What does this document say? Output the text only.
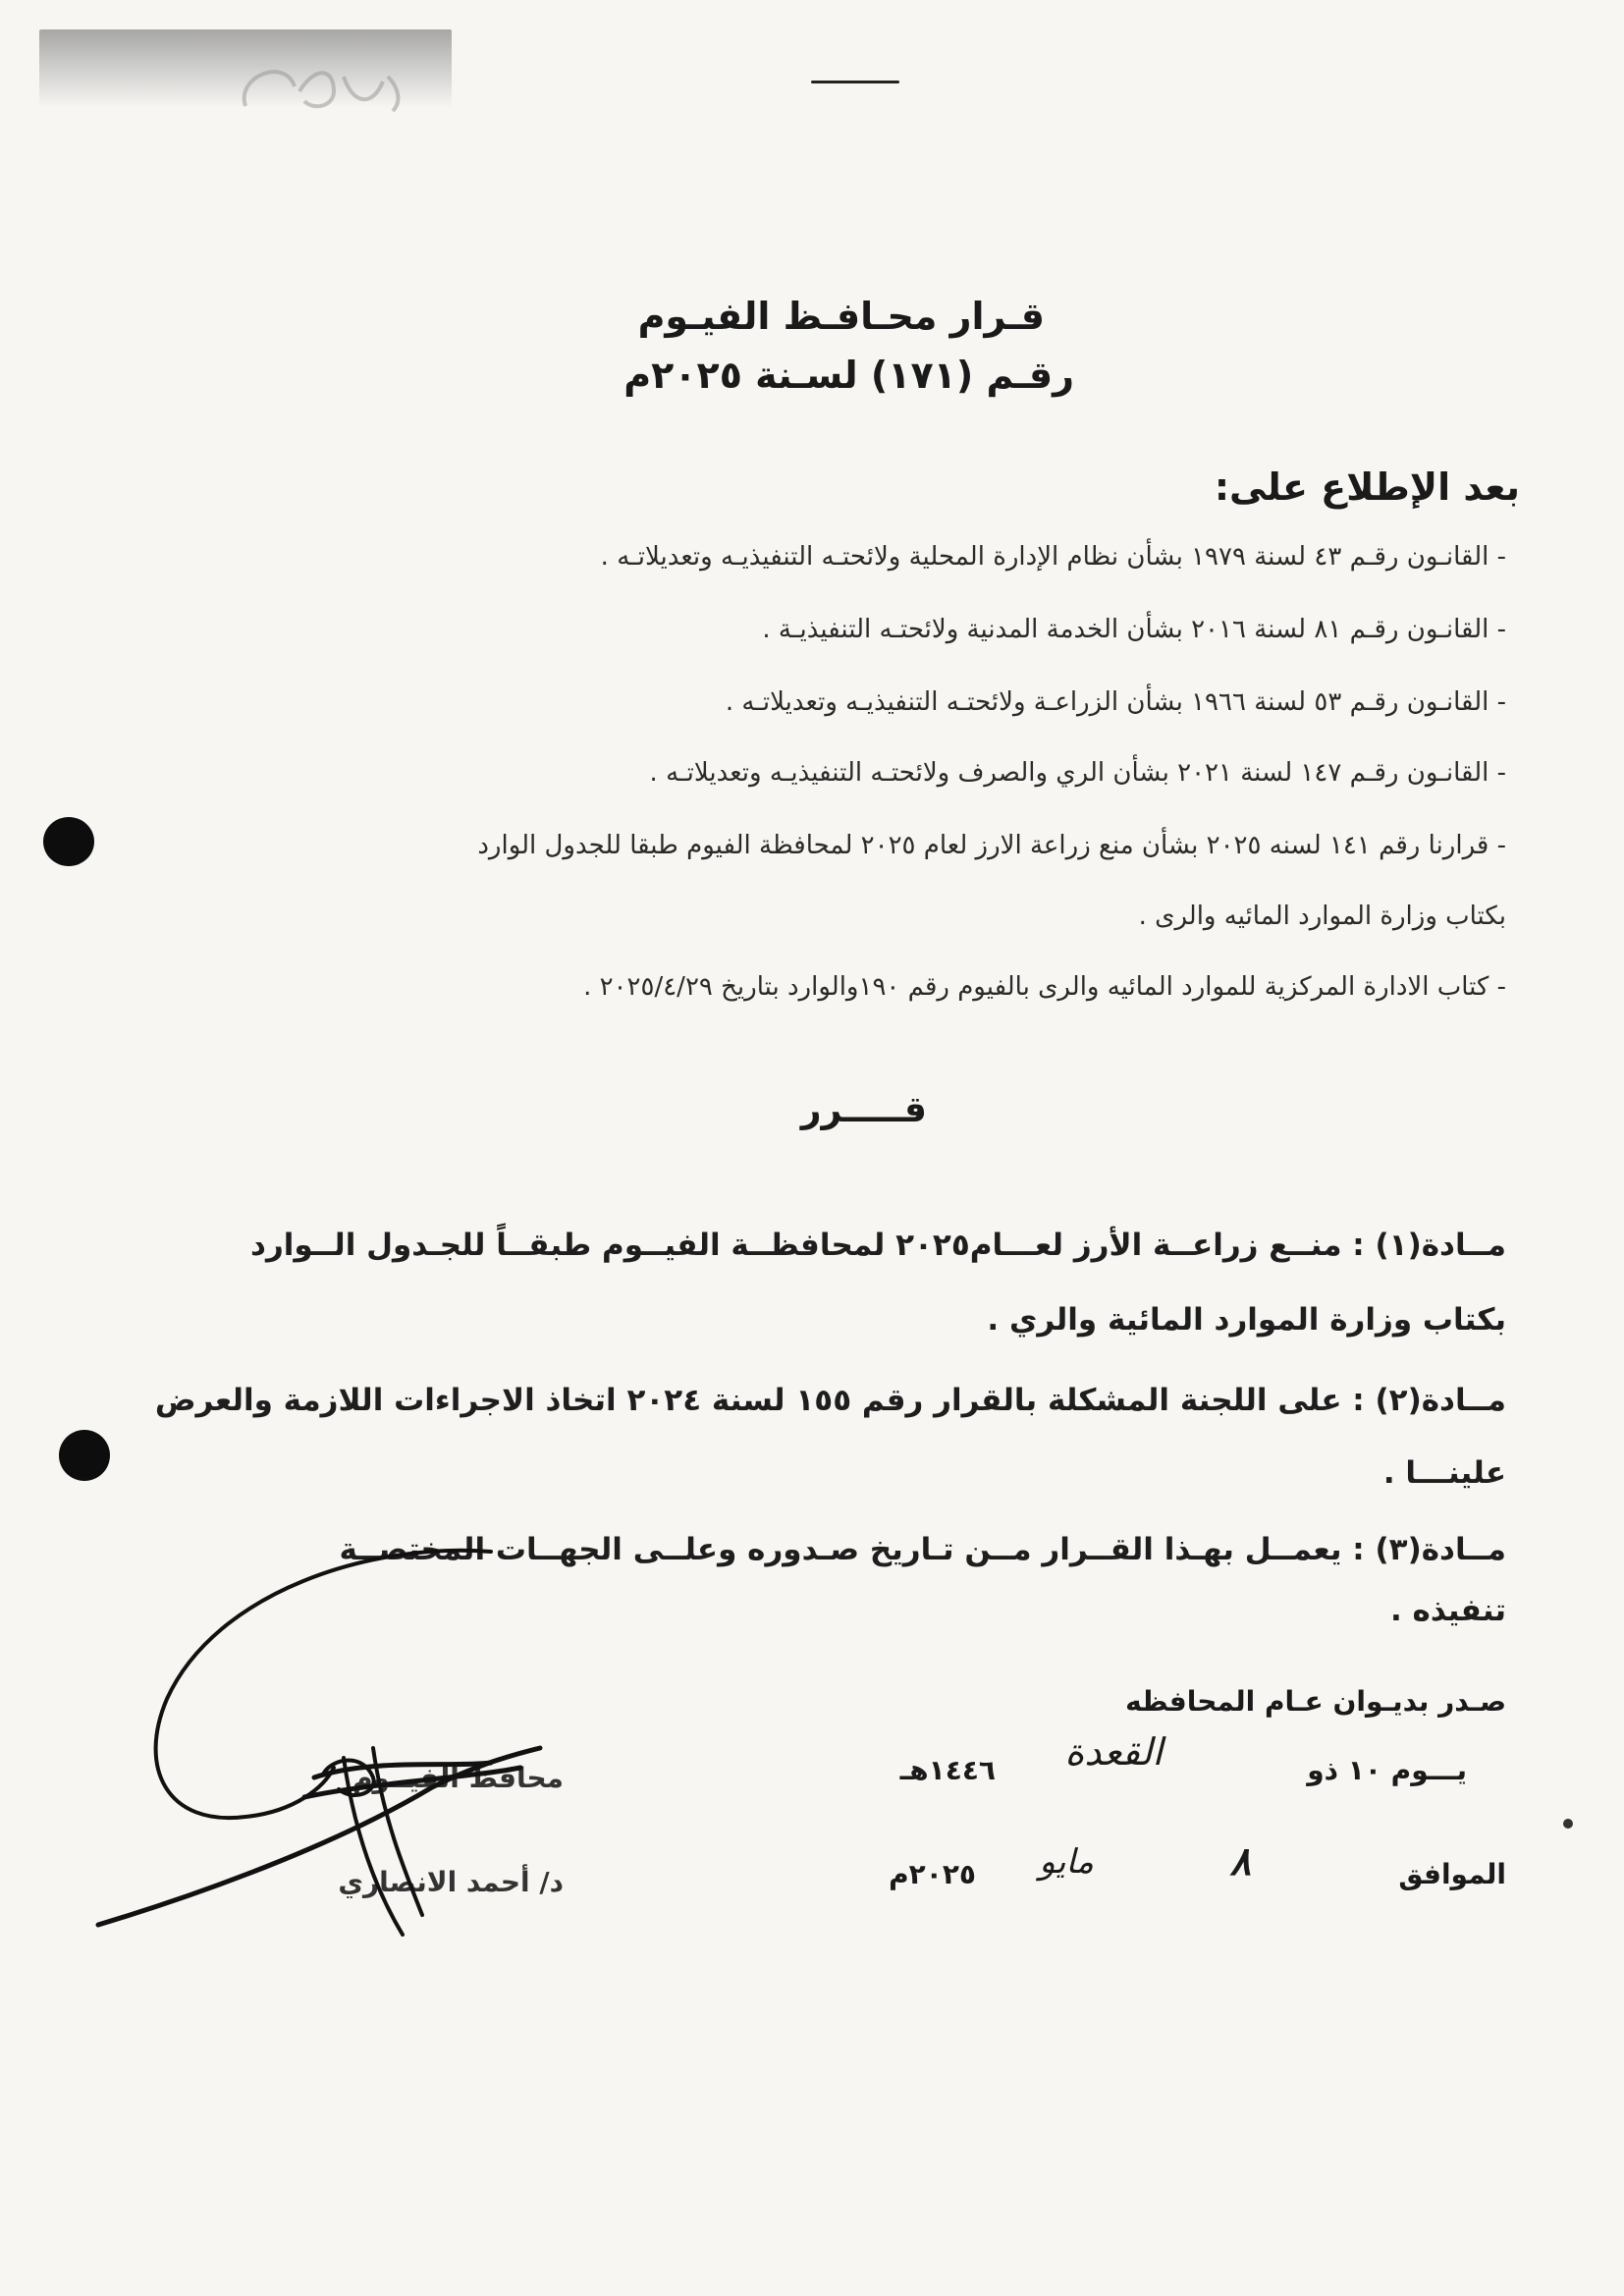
قـرار محـافـظ الفيـوم
رقـم (١٧١) لسـنة ٢٠٢٥م
بعد الإطلاع على:
- القانـون رقـم ٤٣ لسنة ١٩٧٩ بشأن نظام الإدارة المحلية ولائحتـه التنفيذيـه وتعديلاتـه .
- القانـون رقـم ٨١ لسنة ٢٠١٦ بشأن الخدمة المدنية ولائحتـه التنفيذيـة .
- القانـون رقـم ٥٣ لسنة ١٩٦٦ بشأن الزراعـة ولائحتـه التنفيذيـه وتعديلاتـه .
- القانـون رقـم ١٤٧ لسنة ٢٠٢١ بشأن الري والصرف ولائحتـه التنفيذيـه وتعديلاتـه .
- قرارنا رقم ١٤١ لسنه ٢٠٢٥ بشأن منع زراعة الارز لعام ٢٠٢٥ لمحافظة الفيوم طبقا للجدول الوارد
بكتاب وزارة الموارد المائيه والرى .
- كتاب الادارة المركزية للموارد المائيه والرى بالفيوم رقم ١٩٠والوارد بتاريخ ٢٠٢٥/٤/٢٩ .
قـــــرر
مــادة(١) : منــع زراعــة الأرز لعـــام٢٠٢٥ لمحافظــة الفيــوم طبقــاً للجـدول الــوارد
بكتاب وزارة الموارد المائية والري .
مــادة(٢) : على اللجنة المشكلة بالقرار رقم ١٥٥ لسنة ٢٠٢٤ اتخاذ الاجراءات اللازمة والعرض
علينـــا .
مــادة(٣) : يعمــل بهـذا القــرار مــن تـاريخ صـدوره وعلــى الجهــات المختصــة
تنفيذه .
صـدر بديـوان عـام المحافظه
يـــوم ١٠ ذو
القعدة
١٤٤٦هـ
الموافق
٨
مايو
٢٠٢٥م
محافظ الفيــوم
د/ أحمد الانصاري
